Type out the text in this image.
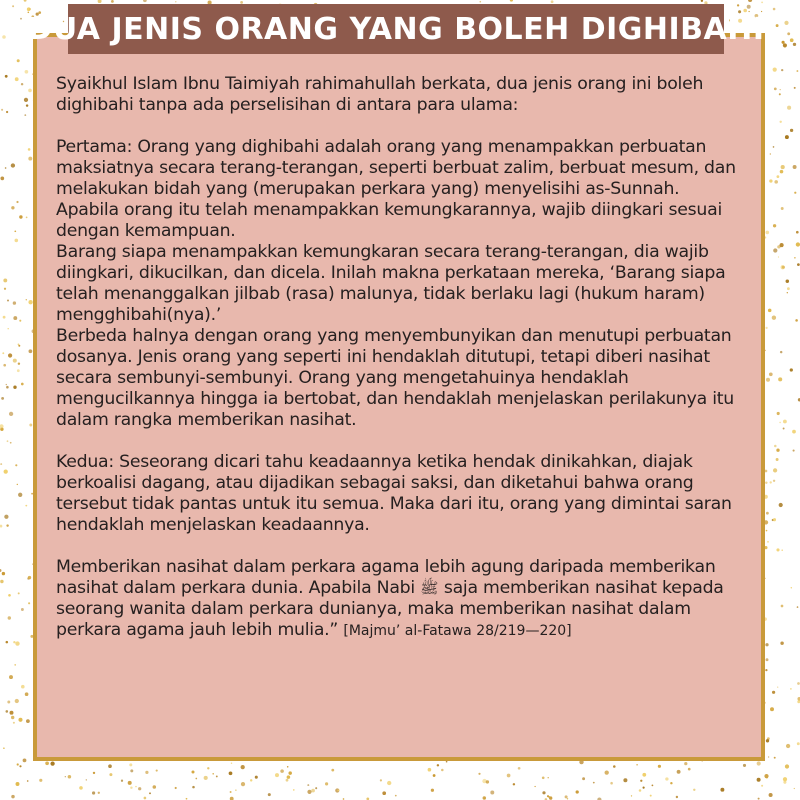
Syaikhul Islam Ibnu Taimiyah rahimahullah berkata, dua jenis orang ini boleh dighibahi tanpa ada perselisihan di antara para ulama:

Pertama: Orang yang dighibahi adalah orang yang menampakkan perbuatan maksiatnya secara terang-terangan, seperti berbuat zalim, berbuat mesum, dan melakukan bidah yang (merupakan perkara yang) menyelisihi as-Sunnah. Apabila orang itu telah menampakkan kemungkarannya, wajib diingkari sesuai dengan kemampuan.

Barang siapa menampakkan kemungkaran secara terang-terangan, dia wajib diingkari, dikucilkan, dan dicela. Inilah makna perkataan mereka, ‘Barang siapa telah menanggalkan jilbab (rasa) malunya, tidak berlaku lagi (hukum haram) mengghibahi(nya).’

Berbeda halnya dengan orang yang menyembunyikan dan menutupi perbuatan dosanya. Jenis orang yang seperti ini hendaklah ditutupi, tetapi diberi nasihat secara sembunyi-sembunyi. Orang yang mengetahuinya hendaklah mengucilkannya hingga ia bertobat, dan hendaklah menjelaskan perilakunya itu dalam rangka memberikan nasihat.

Kedua: Seseorang dicari tahu keadaannya ketika hendak dinikahkan, diajak berkoalisi dagang, atau dijadikan sebagai saksi, dan diketahui bahwa orang tersebut tidak pantas untuk itu semua. Maka dari itu, orang yang dimintai saran hendaklah menjelaskan keadaannya.

Memberikan nasihat dalam perkara agama lebih agung daripada memberikan nasihat dalam perkara dunia. Apabila Nabi ﷺ saja memberikan nasihat kepada seorang wanita dalam perkara dunianya, maka memberikan nasihat dalam perkara agama jauh lebih mulia.” [Majmu’ al-Fatawa 28/219—220]

DUA JENIS ORANG YANG BOLEH DIGHIBAHI
